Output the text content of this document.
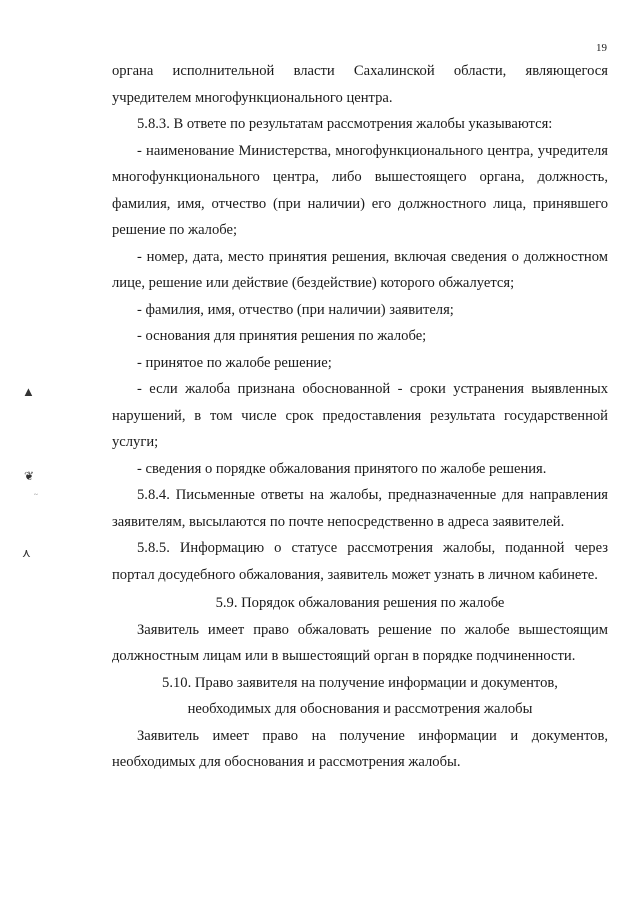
19
▲
❦
~
⋏

органа исполнительной власти Сахалинской области, являющегося учредителем многофункционального центра.

5.8.3. В ответе по результатам рассмотрения жалобы указываются:

- наименование Министерства, многофункционального центра, учредителя многофункционального центра, либо вышестоящего органа, должность, фамилия, имя, отчество (при наличии) его должностного лица, принявшего решение по жалобе;

- номер, дата, место принятия решения, включая сведения о должностном лице, решение или действие (бездействие) которого обжалуется;

- фамилия, имя, отчество (при наличии) заявителя;

- основания для принятия решения по жалобе;

- принятое по жалобе решение;

- если жалоба признана обоснованной - сроки устранения выявленных нарушений, в том числе срок предоставления результата государственной услуги;

- сведения о порядке обжалования принятого по жалобе решения.

5.8.4. Письменные ответы на жалобы, предназначенные для направления заявителям, высылаются по почте непосредственно в адреса заявителей.

5.8.5. Информацию о статусе рассмотрения жалобы, поданной через портал досудебного обжалования, заявитель может узнать в личном кабинете.

5.9. Порядок обжалования решения по жалобе

Заявитель имеет право обжаловать решение по жалобе вышестоящим должностным лицам или в вышестоящий орган в порядке подчиненности.

5.10. Право заявителя на получение информации и документов,

необходимых для обоснования и рассмотрения жалобы

Заявитель имеет право на получение информации и документов, необходимых для обоснования и рассмотрения жалобы.
